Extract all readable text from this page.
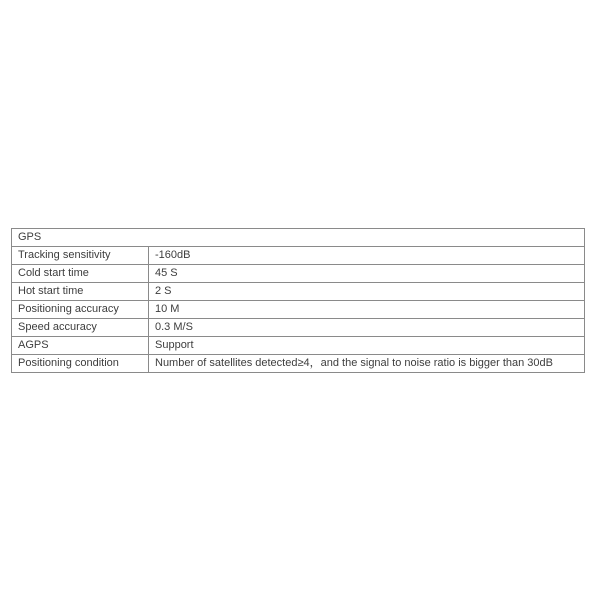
GPS	
Tracking sensitivity	-160dB
Cold start time	45 S
Hot start time	2 S
Positioning accuracy	10 M
Speed accuracy	0.3 M/S
AGPS	Support
Positioning condition	Number of satellites detected≥4，and the signal to noise ratio is bigger than 30dB
